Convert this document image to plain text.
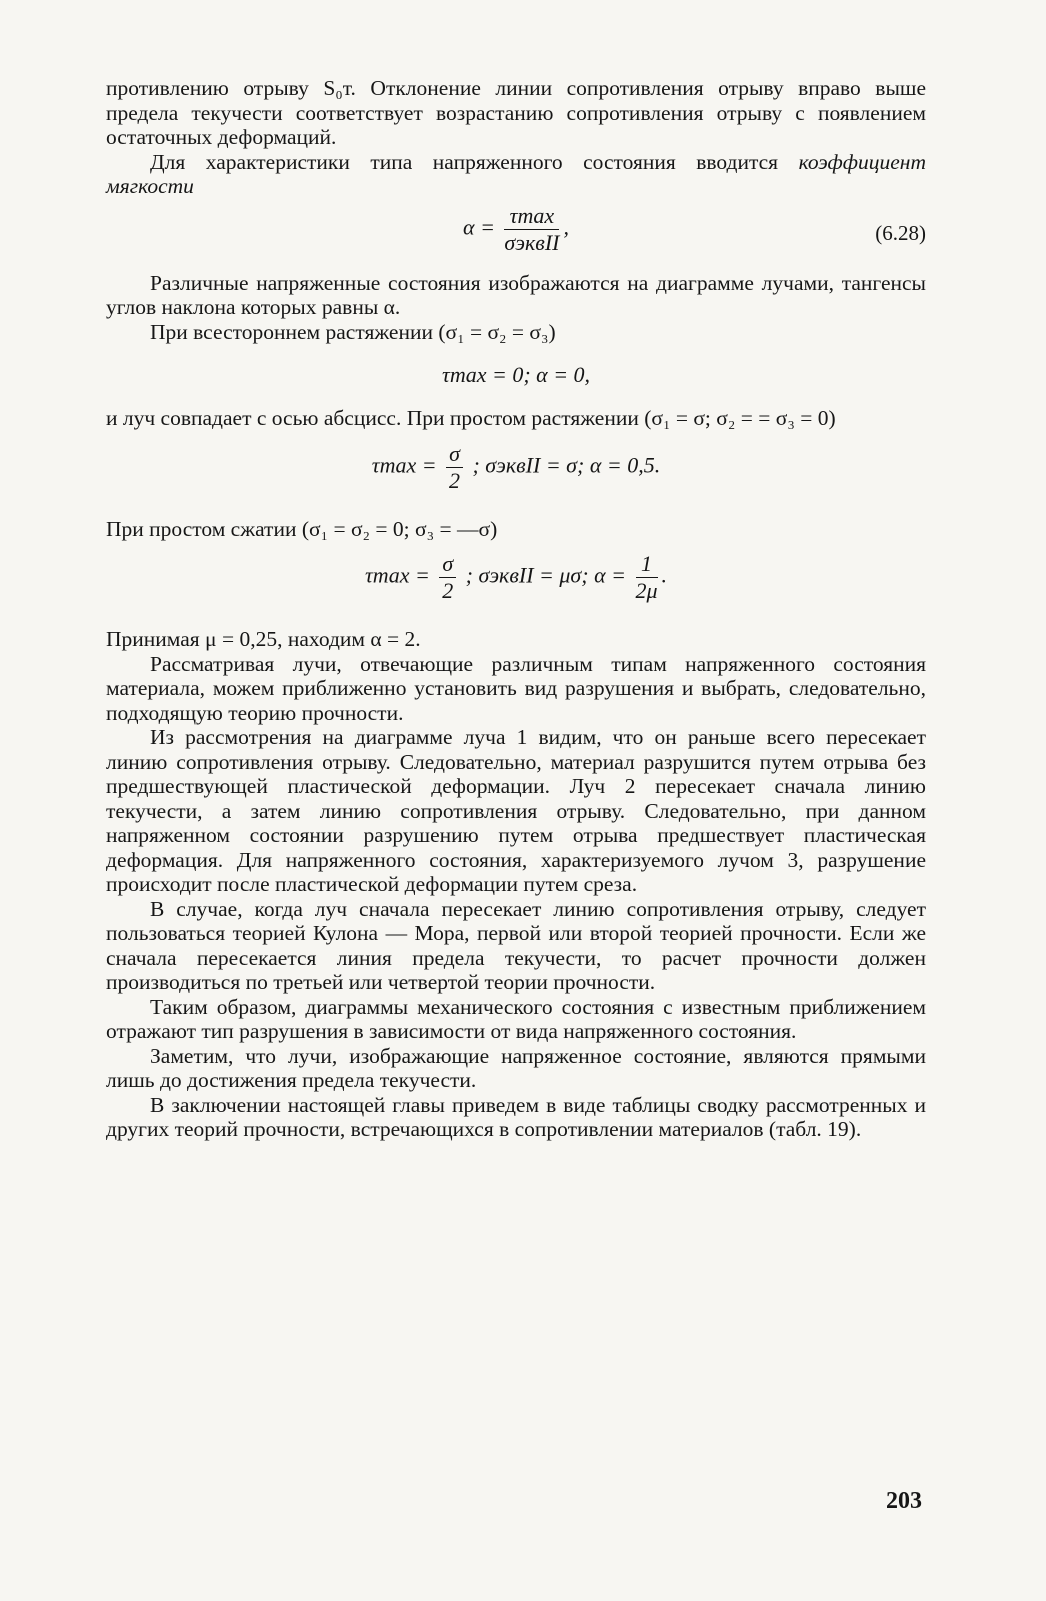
противлению отрыву S₀т. Отклонение линии сопротивления отрыву вправо выше предела текучести соответствует возрастанию сопротивления отрыву с появлением остаточных деформаций.

Для характеристики типа напряженного состояния вводится коэффициент мягкости

α = τmax
σэквII
,	(6.28)

Различные напряженные состояния изображаются на диаграмме лучами, тангенсы углов наклона которых равны α.

При всестороннем растяжении (σ₁ = σ₂ = σ₃)

τmax = 0; α = 0,

и луч совпадает с осью абсцисс. При простом растяжении (σ₁ = σ; σ₂ = = σ₃ = 0)

$\tau\max = \frac{\sigma}{2}$ ; σэквII = σ; α = 0,5.

При простом сжатии (σ₁ = σ₂ = 0; σ₃ = —σ)

$\tau\max = \frac{\sigma}{2}$ ; σэквII = μσ; $\alpha = \frac{1}{2\mu}$ .

Принимая μ = 0,25, находим α = 2.

Рассматривая лучи, отвечающие различным типам напряженного состояния материала, можем приближенно установить вид разрушения и выбрать, следовательно, подходящую теорию прочности.

Из рассмотрения на диаграмме луча 1 видим, что он раньше всего пересекает линию сопротивления отрыву. Следовательно, материал разрушится путем отрыва без предшествующей пластической деформации. Луч 2 пересекает сначала линию текучести, а затем линию сопротивления отрыву. Следовательно, при данном напряженном состоянии разрушению путем отрыва предшествует пластическая деформация. Для напряженного состояния, характеризуемого лучом 3, разрушение происходит после пластической деформации путем среза.

В случае, когда луч сначала пересекает линию сопротивления отрыву, следует пользоваться теорией Кулона — Мора, первой или второй теорией прочности. Если же сначала пересекается линия предела текучести, то расчет прочности должен производиться по третьей или четвертой теории прочности.

Таким образом, диаграммы механического состояния с известным приближением отражают тип разрушения в зависимости от вида напряженного состояния.

Заметим, что лучи, изображающие напряженное состояние, являются прямыми лишь до достижения предела текучести.

В заключении настоящей главы приведем в виде таблицы сводку рассмотренных и других теорий прочности, встречающихся в сопротивлении материалов (табл. 19).

203
